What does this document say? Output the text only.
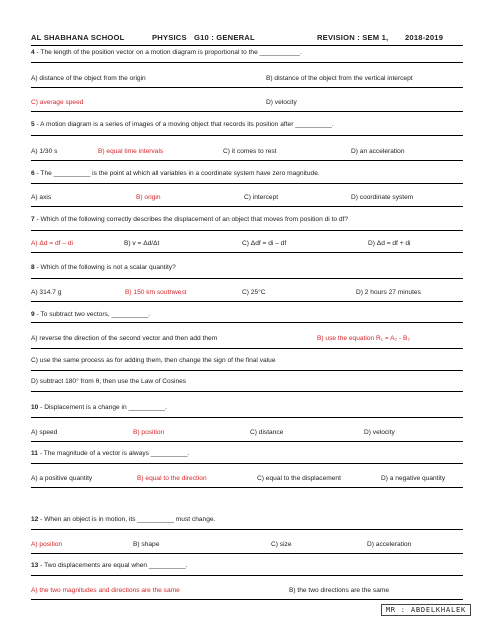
AL SHABHANA SCHOOL	PHYSICS G10 : GENERAL	REVISION : SEM 1, 2018-2019
4 - The length of the position vector on a motion diagram is proportional to the ___________.
A) distance of the object from the origin	B) distance of the object from the vertical intercept
C) average speed	D) velocity
5 - A motion diagram is a series of images of a moving object that records its position after __________.
A) 1/30 s	B) equal time intervals	C) it comes to rest	D) an acceleration
6 - The __________ is the point at which all variables in a coordinate system have zero magnitude.
A) axis	B) origin	C) intercept	D) coordinate system
7 - Which of the following correctly describes the displacement of an object that moves from position di to df?
A) Δd = df – di	B) v = Δd/Δt	C) Δdf = di – df	D) Δd = df + di
8 - Which of the following is not a scalar quantity?
A) 314.7 g	B) 150 km southwest	C) 25°C	D) 2 hours 27 minutes
9 - To subtract two vectors, __________.
A) reverse the direction of the second vector and then add them	B) use the equation R₁ = A₂ - B₂
C) use the same process as for adding them, then change the sign of the final value
D) subtract 180° from θ, then use the Law of Cosines
10 - Displacement is a change in __________.
A) speed	B) position	C) distance	D) velocity
11 - The magnitude of a vector is always __________.
A) a positive quantity	B) equal to the direction	C) equal to the displacement	D) a negative quantity
12 - When an object is in motion, its __________ must change.
A) position	B) shape	C) size	D) acceleration
13 - Two displacements are equal when __________.
A) the two magnitudes and directions are the same	B) the two directions are the same
MR : ABDELKHALEK
